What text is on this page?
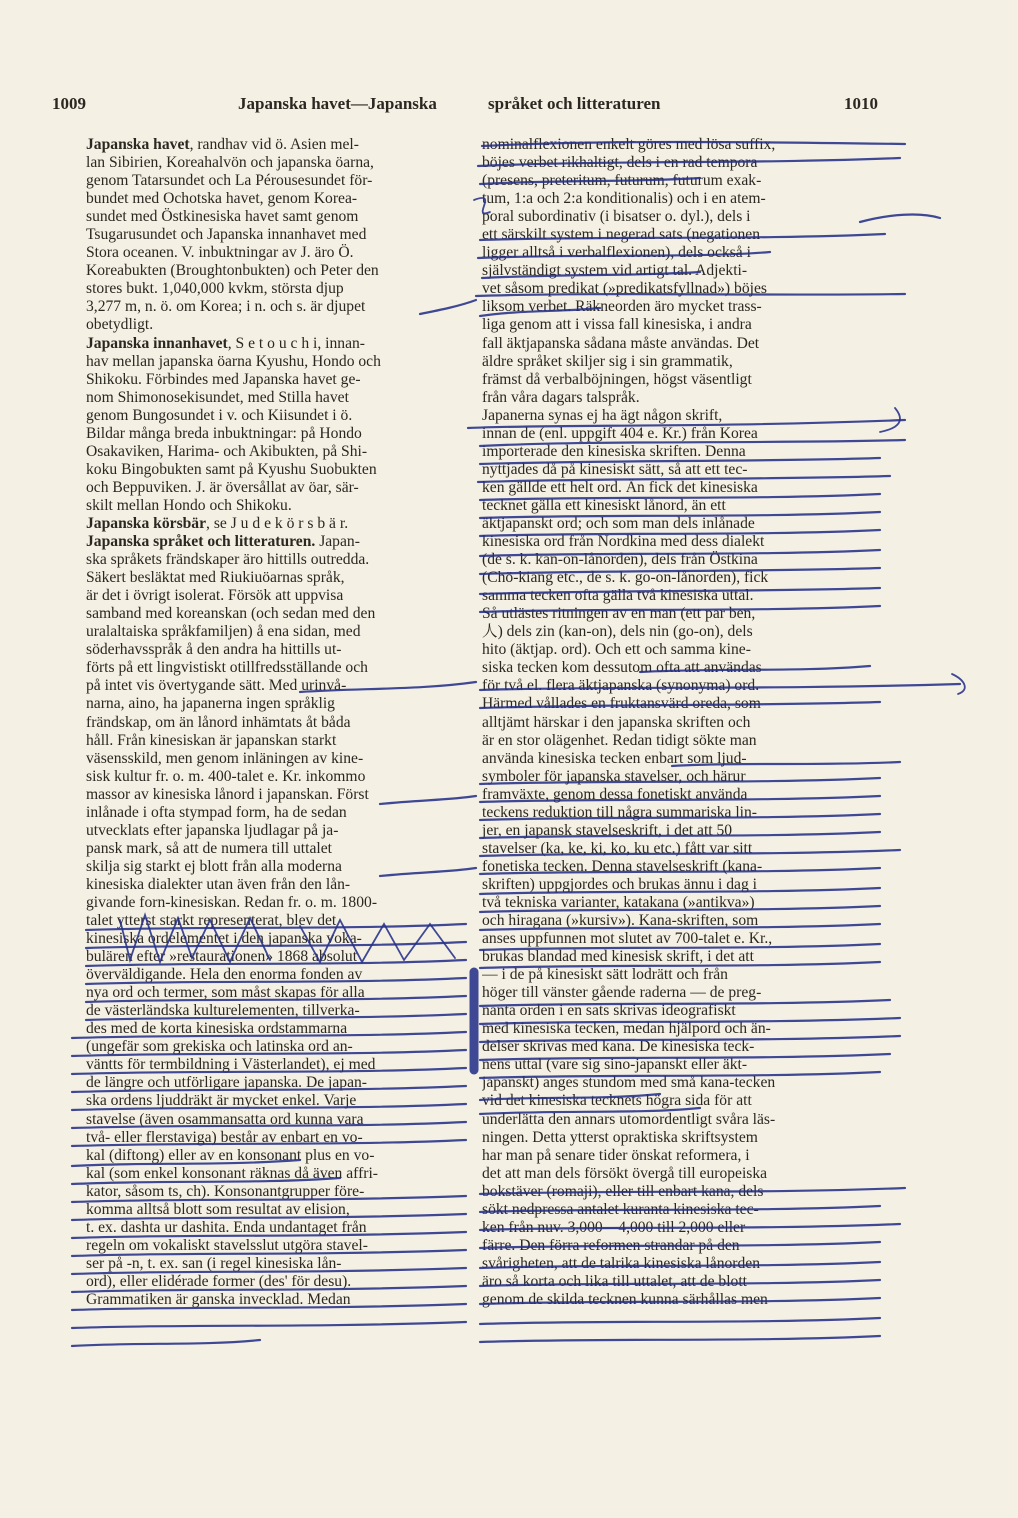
1009	Japanska havet—Japanska	språket och litteraturen	1010
Japanska havet, randhav vid ö. Asien mel-
lan Sibirien, Koreahalvön och japanska öarna,
genom Tatarsundet och La Pérousesundet för-
bundet med Ochotska havet, genom Korea-
sundet med Östkinesiska havet samt genom
Tsugarusundet och Japanska innanhavet med
Stora oceanen. V. inbuktningar av J. äro Ö.
Koreabukten (Broughtonbukten) och Peter den
stores bukt. 1,040,000 kvkm, största djup
3,277 m, n. ö. om Korea; i n. och s. är djupet
obetydligt.
Japanska innanhavet, S e t o u c h i, innan-
hav mellan japanska öarna Kyushu, Hondo och
Shikoku. Förbindes med Japanska havet ge-
nom Shimonosekisundet, med Stilla havet
genom Bungosundet i v. och Kiisundet i ö.
Bildar många breda inbuktningar: på Hondo
Osakaviken, Harima- och Akibukten, på Shi-
koku Bingobukten samt på Kyushu Suobukten
och Beppuviken. J. är översållat av öar, sär-
skilt mellan Hondo och Shikoku.
Japanska körsbär, se J u d e k ö r s b ä r.
Japanska språket och litteraturen. Japan-
ska språkets frändskaper äro hittills outredda.
Säkert besläktat med Riukiuöarnas språk,
är det i övrigt isolerat. Försök att uppvisa
samband med koreanskan (och sedan med den
uralaltaiska språkfamiljen) å ena sidan, med
söderhavsspråk å den andra ha hittills ut-
förts på ett lingvistiskt otillfredsställande och
på intet vis övertygande sätt. Med urinvå-
narna, aino, ha japanerna ingen språklig
frändskap, om än lånord inhämtats åt båda
håll. Från kinesiskan är japanskan starkt
väsensskild, men genom inläningen av kine-
sisk kultur fr. o. m. 400-talet e. Kr. inkommo
massor av kinesiska lånord i japanskan. Först
inlånade i ofta stympad form, ha de sedan
utvecklats efter japanska ljudlagar på ja-
pansk mark, så att de numera till uttalet
skilja sig starkt ej blott från alla moderna
kinesiska dialekter utan även från den lån-
givande forn-kinesiskan. Redan fr. o. m. 1800-
talet ytterst starkt representerat, blev det
kinesiska ordelementet i den japanska voka-
bulären efter »restaurationen» 1868 absolut
överväldigande. Hela den enorma fonden av
nya ord och termer, som måst skapas för alla
de västerländska kulturelementen, tillverka-
des med de korta kinesiska ordstammarna
(ungefär som grekiska och latinska ord an-
väntts för termbildning i Västerlandet), ej med
de längre och utförligare japanska. De japan-
ska ordens ljuddräkt är mycket enkel. Varje
stavelse (även osammansatta ord kunna vara
två- eller flerstaviga) består av enbart en vo-
kal (diftong) eller av en konsonant plus en vo-
kal (som enkel konsonant räknas då även affri-
kator, såsom ts, ch). Konsonantgrupper före-
komma alltså blott som resultat av elision,
t. ex. dashta ur dashita. Enda undantaget från
regeln om vokaliskt stavelsslut utgöra stavel-
ser på -n, t. ex. san (i regel kinesiska lån-
ord), eller elidérade former (des' för desu).
Grammatiken är ganska invecklad. Medan
nominalflexionen enkelt göres med lösa suffix,
böjes verbet rikhaltigt, dels i en rad tempora
(presens, preteritum, futurum, futurum exak-
tum, 1:a och 2:a konditionalis) och i en atem-
poral subordinativ (i bisatser o. dyl.), dels i
ett särskilt system i negerad sats (negationen
ligger alltså i verbalflexionen), dels också i
självständigt system vid artigt tal. Adjekti-
vet såsom predikat (»predikatsfyllnad») böjes
liksom verbet. Räkneorden äro mycket trass-
liga genom att i vissa fall kinesiska, i andra
fall äktjapanska sådana måste användas. Det
äldre språket skiljer sig i sin grammatik,
främst då verbalböjningen, högst väsentligt
från våra dagars talspråk.
Japanerna synas ej ha ägt någon skrift,
innan de (enl. uppgift 404 e. Kr.) från Korea
importerade den kinesiska skriften. Denna
nyttjades då på kinesiskt sätt, så att ett tec-
ken gällde ett helt ord. Än fick det kinesiska
tecknet gälla ett kinesiskt lånord, än ett
äktjapanskt ord; och som man dels inlånade
kinesiska ord från Nordkina med dess dialekt
(de s. k. kan-on-lånorden), dels från Östkina
(Chö-kiang etc., de s. k. go-on-lånorden), fick
samma tecken ofta gälla två kinesiska uttal.
Så utlästes ritningen av en man (ett par ben,
人) dels zin (kan-on), dels nin (go-on), dels
hito (äktjap. ord). Och ett och samma kine-
siska tecken kom dessutom ofta att användas
för två el. flera äktjapanska (synonyma) ord.
Härmed vållades en fruktansvärd oreda, som
alltjämt härskar i den japanska skriften och
är en stor olägenhet. Redan tidigt sökte man
använda kinesiska tecken enbart som ljud-
symboler för japanska stavelser, och härur
framväxte, genom dessa fonetiskt använda
teckens reduktion till några summariska lin-
jer, en japansk stavelseskrift, i det att 50
stavelser (ka, ke, ki, ko, ku etc.) fått var sitt
fonetiska tecken. Denna stavelseskrift (kana-
skriften) uppgjordes och brukas ännu i dag i
två tekniska varianter, katakana (»antikva»)
och hiragana (»kursiv»). Kana-skriften, som
anses uppfunnen mot slutet av 700-talet e. Kr.,
brukas blandad med kinesisk skrift, i det att
— i de på kinesiskt sätt lodrätt och från
höger till vänster gående raderna — de preg-
nanta orden i en sats skrivas ideografiskt
med kinesiska tecken, medan hjälpord och än-
delser skrivas med kana. De kinesiska teck-
nens uttal (vare sig sino-japanskt eller äkt-
japanskt) anges stundom med små kana-tecken
vid det kinesiska tecknets högra sida för att
underlätta den annars utomordentligt svåra läs-
ningen. Detta ytterst opraktiska skriftsystem
har man på senare tider önskat reformera, i
det att man dels försökt övergå till europeiska
bokstäver (romaji), eller till enbart kana, dels
sökt nedpressa antalet kuranta kinesiska tec-
ken från nuv. 3,000—4,000 till 2,000 eller
färre. Den förra reformen strandar på den
svårigheten, att de talrika kinesiska lånorden
äro så korta och lika till uttalet, att de blott
genom de skilda tecknen kunna särhållas men
